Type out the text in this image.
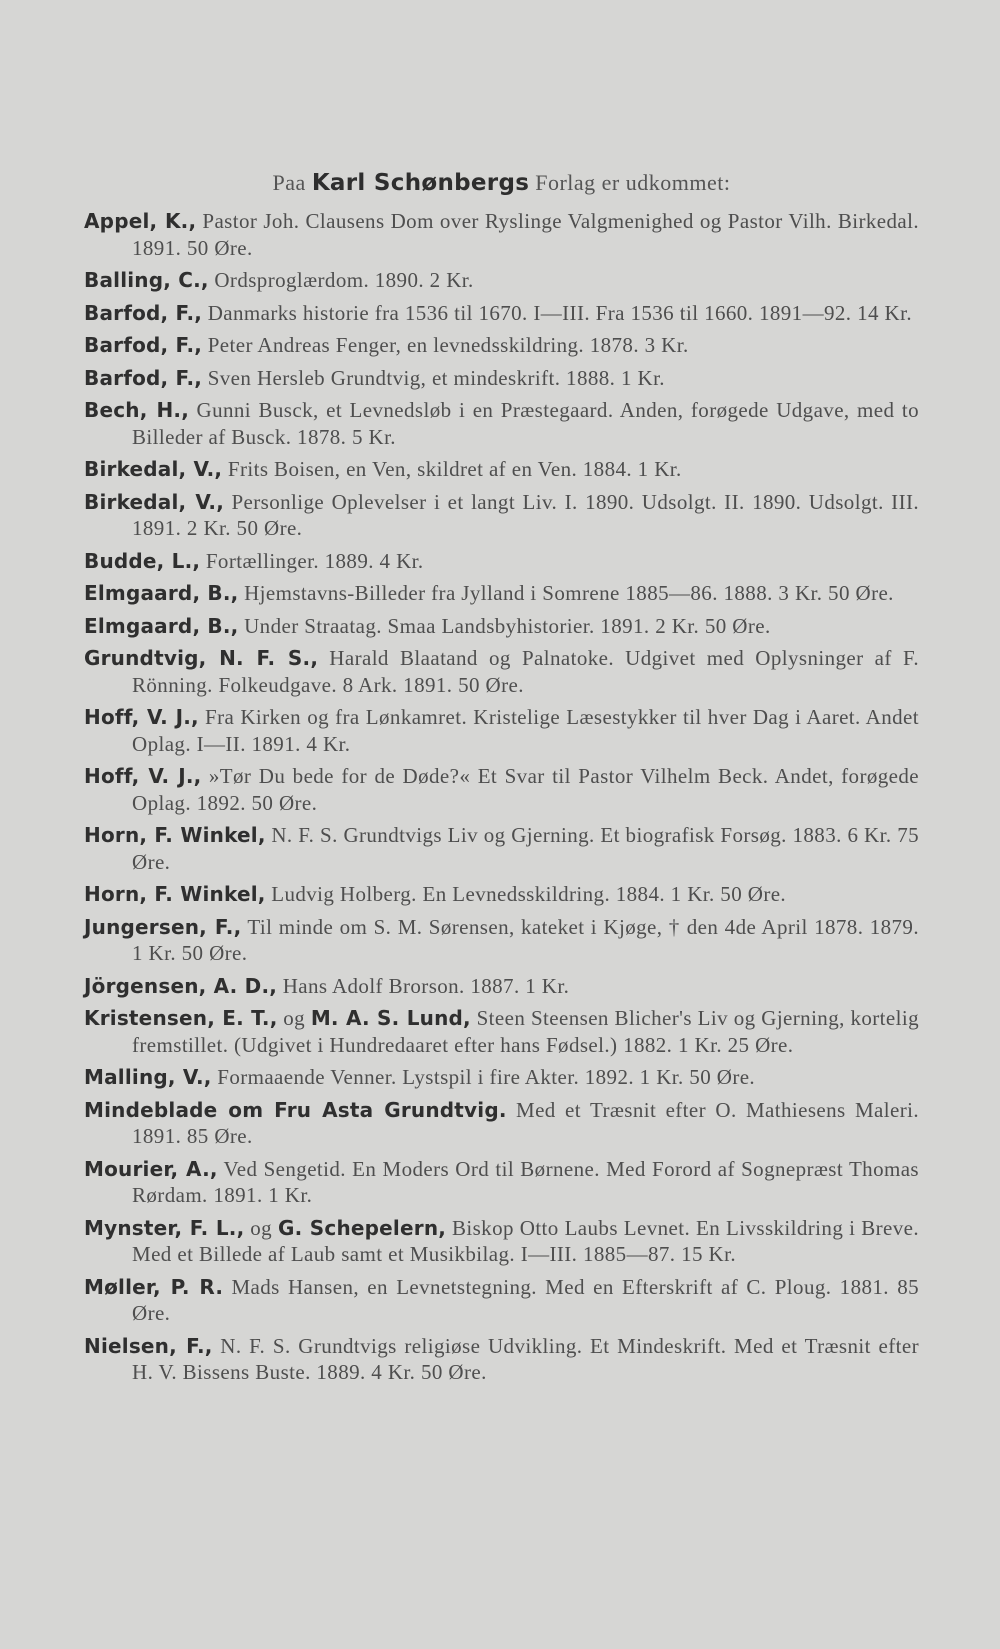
Paa Karl Schønbergs Forlag er udkommet:

Appel, K., Pastor Joh. Clausens Dom over Ryslinge Valgmenighed og Pastor Vilh. Birkedal. 1891. 50 Øre.

Balling, C., Ordsproglærdom. 1890. 2 Kr.

Barfod, F., Danmarks historie fra 1536 til 1670. I—III. Fra 1536 til 1660. 1891—92. 14 Kr.

Barfod, F., Peter Andreas Fenger, en levnedsskildring. 1878. 3 Kr.

Barfod, F., Sven Hersleb Grundtvig, et mindeskrift. 1888. 1 Kr.

Bech, H., Gunni Busck, et Levnedsløb i en Præstegaard. Anden, forøgede Udgave, med to Billeder af Busck. 1878. 5 Kr.

Birkedal, V., Frits Boisen, en Ven, skildret af en Ven. 1884. 1 Kr.

Birkedal, V., Personlige Oplevelser i et langt Liv. I. 1890. Udsolgt. II. 1890. Udsolgt. III. 1891. 2 Kr. 50 Øre.

Budde, L., Fortællinger. 1889. 4 Kr.

Elmgaard, B., Hjemstavns-Billeder fra Jylland i Somrene 1885—86. 1888. 3 Kr. 50 Øre.

Elmgaard, B., Under Straatag. Smaa Landsbyhistorier. 1891. 2 Kr. 50 Øre.

Grundtvig, N. F. S., Harald Blaatand og Palnatoke. Udgivet med Oplysninger af F. Rönning. Folkeudgave. 8 Ark. 1891. 50 Øre.

Hoff, V. J., Fra Kirken og fra Lønkamret. Kristelige Læsestykker til hver Dag i Aaret. Andet Oplag. I—II. 1891. 4 Kr.

Hoff, V. J., »Tør Du bede for de Døde?« Et Svar til Pastor Vilhelm Beck. Andet, forøgede Oplag. 1892. 50 Øre.

Horn, F. Winkel, N. F. S. Grundtvigs Liv og Gjerning. Et biografisk Forsøg. 1883. 6 Kr. 75 Øre.

Horn, F. Winkel, Ludvig Holberg. En Levnedsskildring. 1884. 1 Kr. 50 Øre.

Jungersen, F., Til minde om S. M. Sørensen, kateket i Kjøge, † den 4de April 1878. 1879. 1 Kr. 50 Øre.

Jörgensen, A. D., Hans Adolf Brorson. 1887. 1 Kr.

Kristensen, E. T., og M. A. S. Lund, Steen Steensen Blicher's Liv og Gjerning, kortelig fremstillet. (Udgivet i Hundredaaret efter hans Fødsel.) 1882. 1 Kr. 25 Øre.

Malling, V., Formaaende Venner. Lystspil i fire Akter. 1892. 1 Kr. 50 Øre.

Mindeblade om Fru Asta Grundtvig. Med et Træsnit efter O. Mathiesens Maleri. 1891. 85 Øre.

Mourier, A., Ved Sengetid. En Moders Ord til Børnene. Med Forord af Sognepræst Thomas Rørdam. 1891. 1 Kr.

Mynster, F. L., og G. Schepelern, Biskop Otto Laubs Levnet. En Livsskildring i Breve. Med et Billede af Laub samt et Musikbilag. I—III. 1885—87. 15 Kr.

Møller, P. R. Mads Hansen, en Levnetstegning. Med en Efterskrift af C. Ploug. 1881. 85 Øre.

Nielsen, F., N. F. S. Grundtvigs religiøse Udvikling. Et Mindeskrift. Med et Træsnit efter H. V. Bissens Buste. 1889. 4 Kr. 50 Øre.
